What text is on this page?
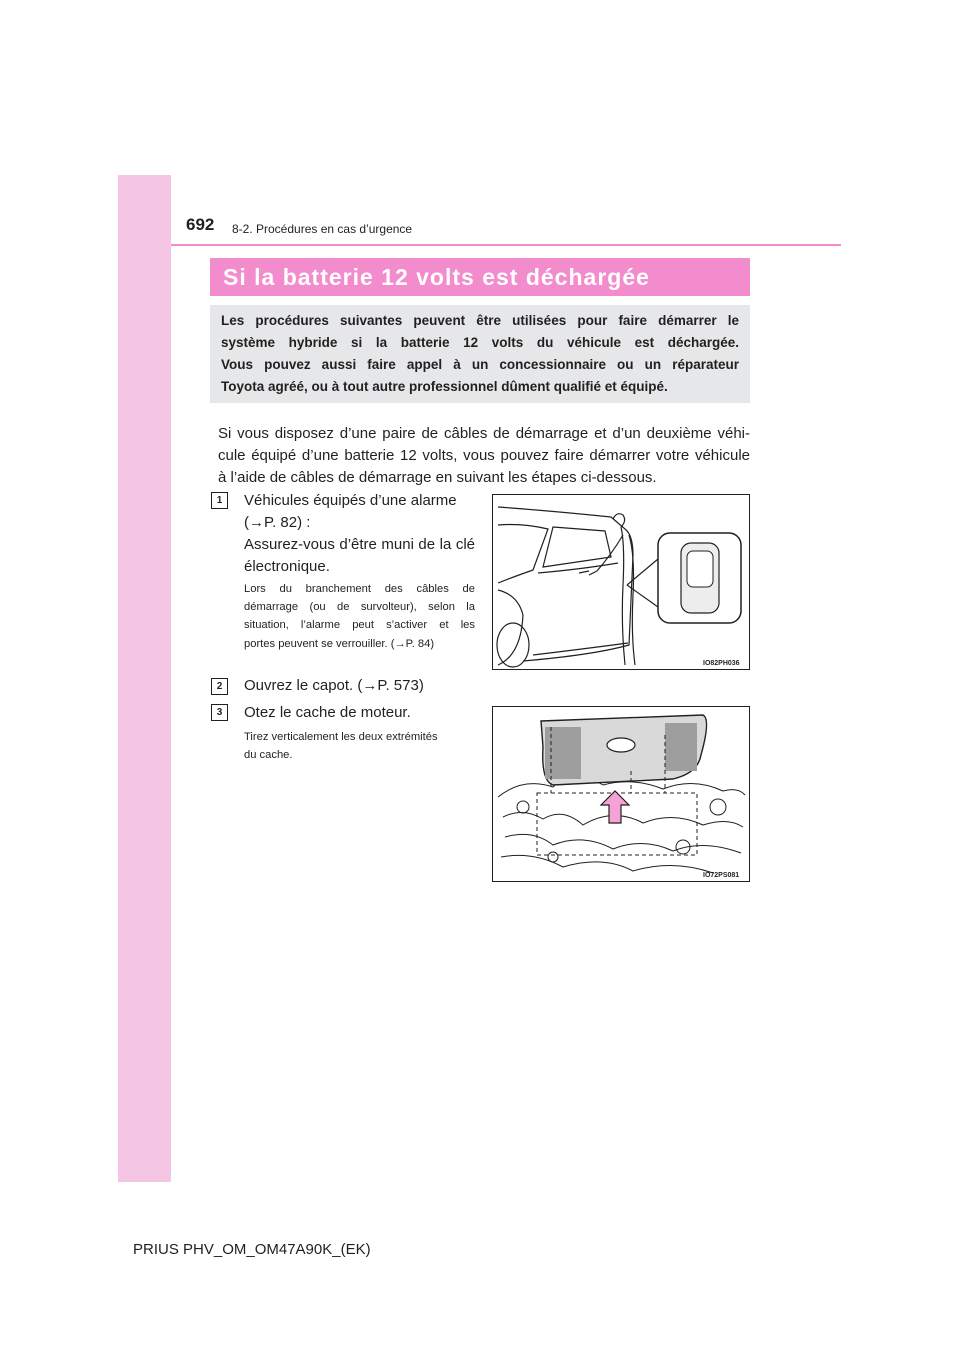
692 8-2. Procédures en cas d’urgence
Si la batterie 12 volts est déchargée
Les procédures suivantes peuvent être utilisées pour faire démarrer le
système hybride si la batterie 12 volts du véhicule est déchargée.
Vous pouvez aussi faire appel à un concessionnaire ou un réparateur
Toyota agréé, ou à tout autre professionnel dûment qualifié et équipé.
Si vous disposez d’une paire de câbles de démarrage et d’un deuxième véhi-
cule équipé d’une batterie 12 volts, vous pouvez faire démarrer votre véhicule
à l’aide de câbles de démarrage en suivant les étapes ci-dessous.
1	Véhicules équipés d’une alarme
(→P. 82) :
Assurez-vous d’être muni de la clé
électronique.
Lors du branchement des câbles de
démarrage (ou de survolteur), selon la
situation, l’alarme peut s’activer et les
portes peuvent se verrouiller. (→P. 84)
IO82PH036
2	Ouvrez le capot. (→P. 573)
3	Otez le cache de moteur.
Tirez verticalement les deux extrémités
du cache.
IO72PS081
PRIUS PHV_OM_OM47A90K_(EK)
